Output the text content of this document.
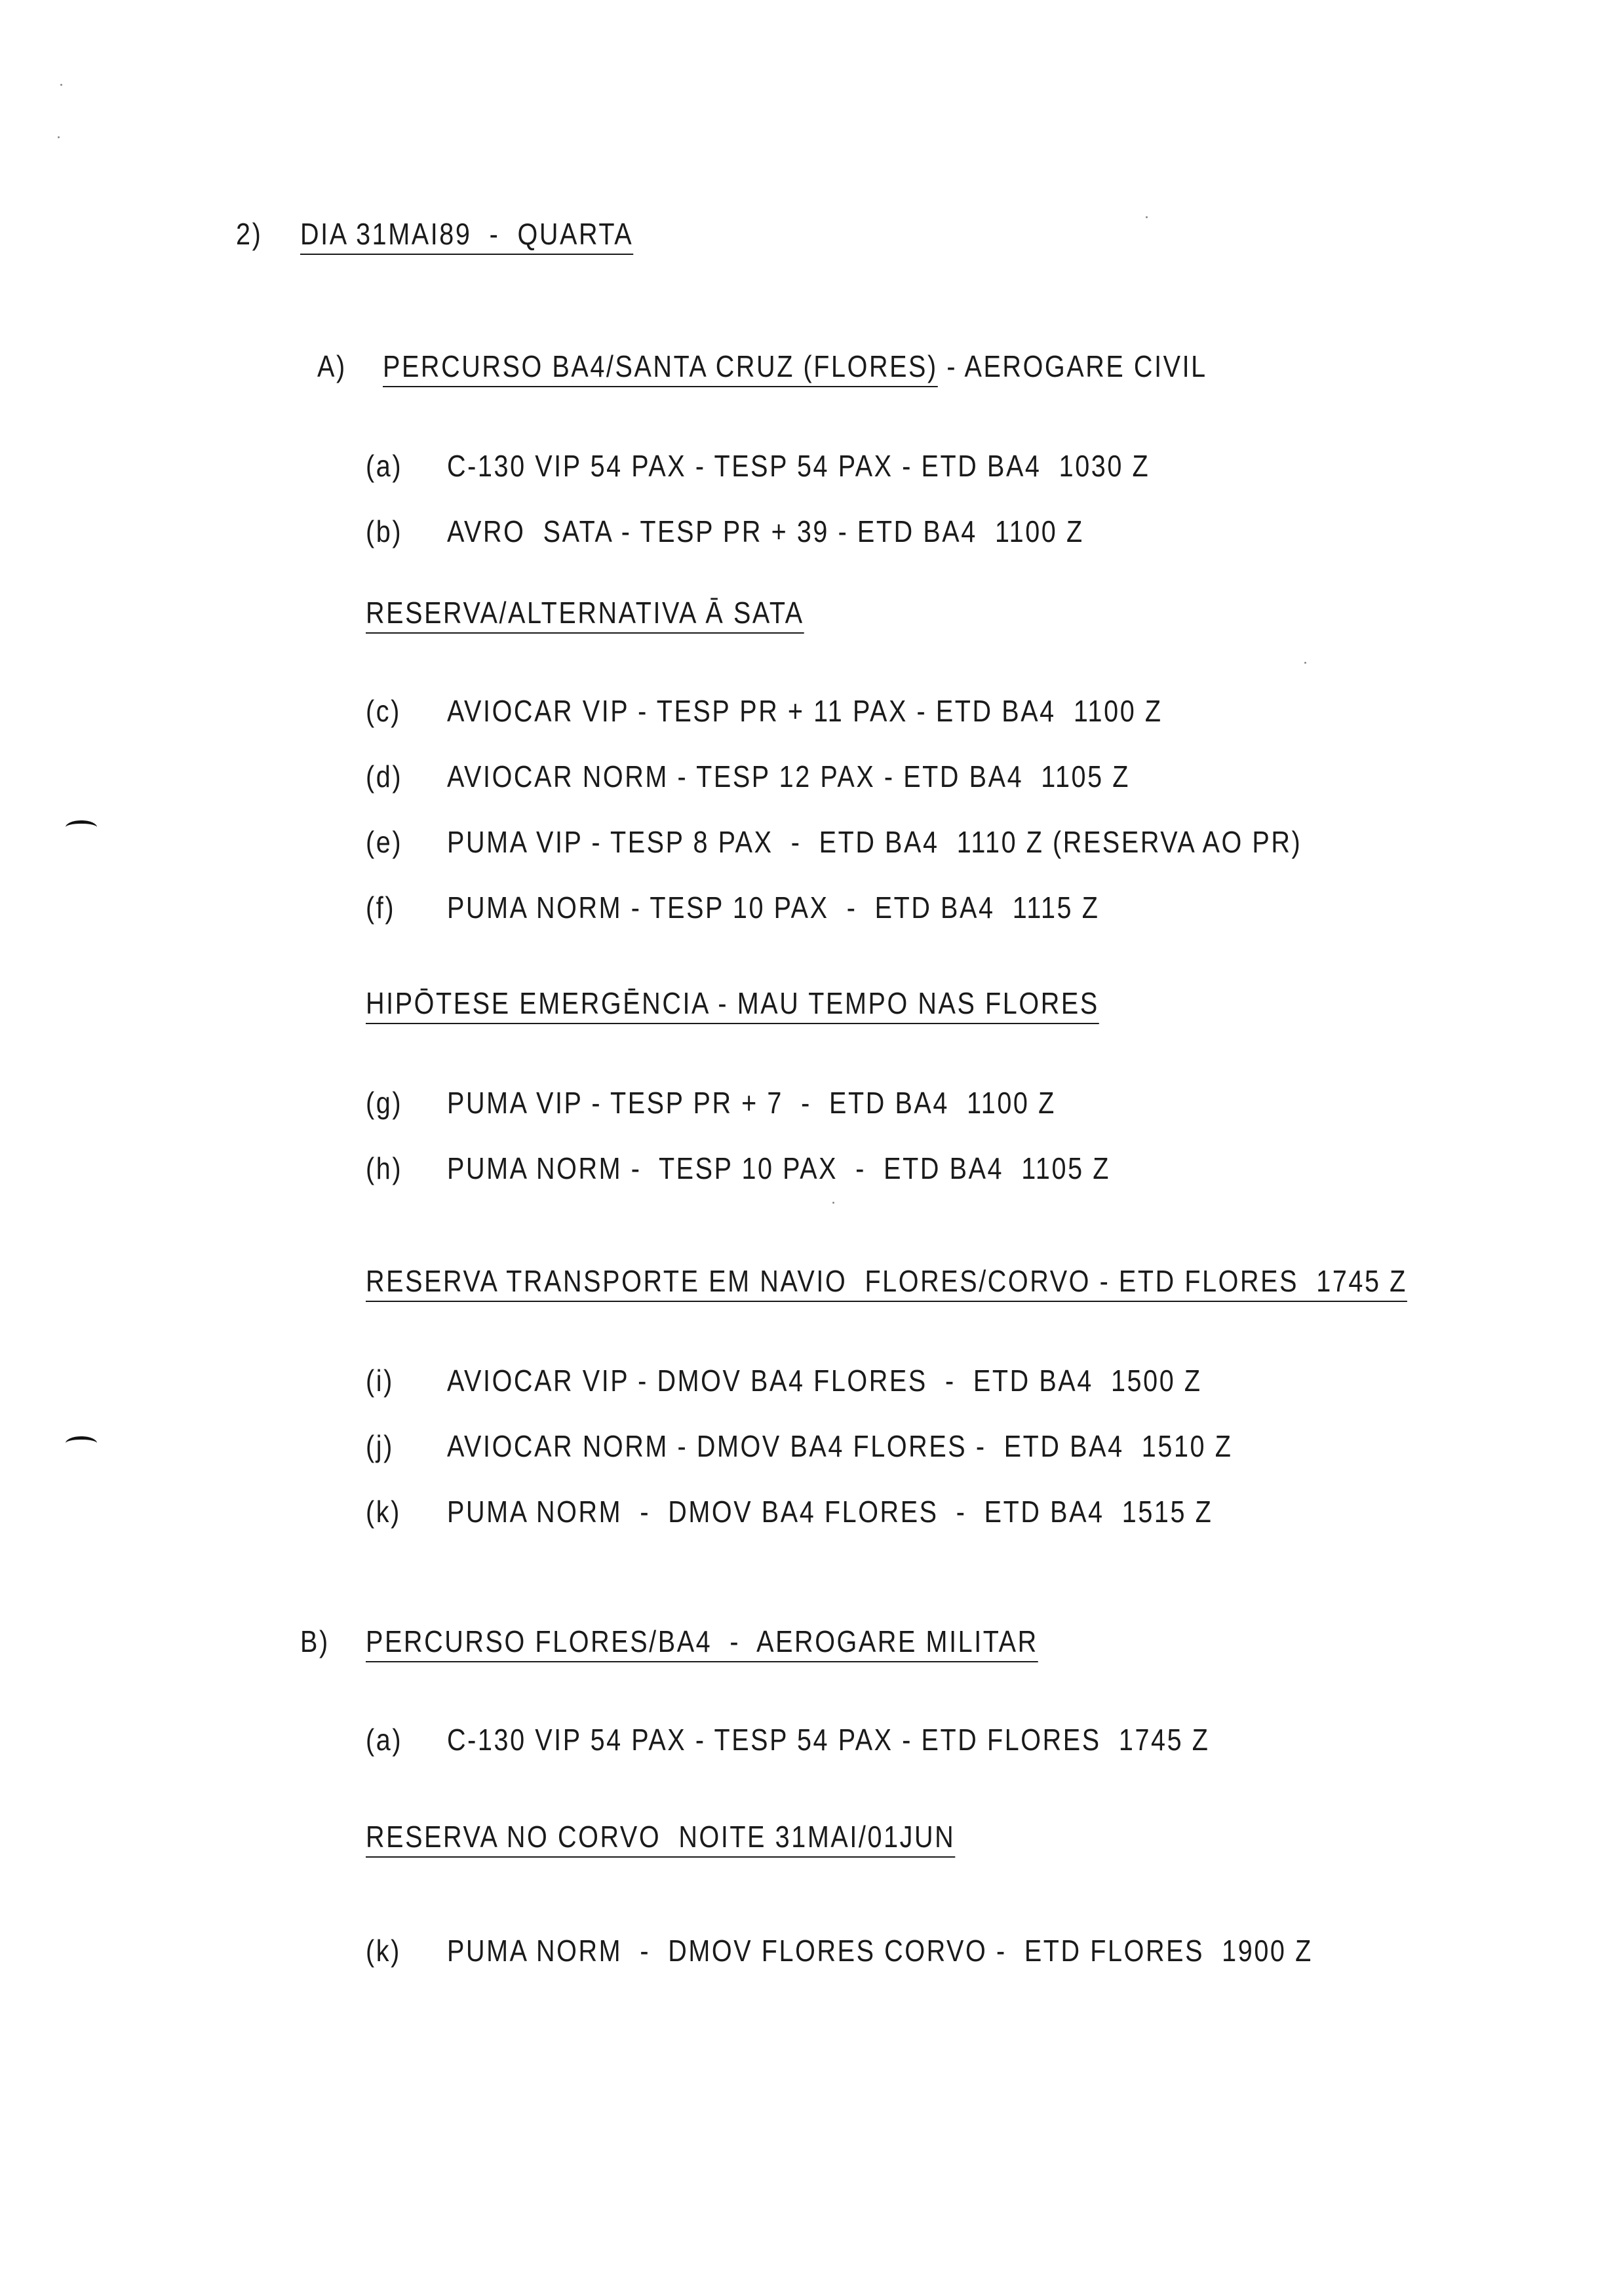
2) DIA 31MAI89  -  QUARTA
A) PERCURSO BA4/SANTA CRUZ (FLORES) - AEROGARE CIVIL
(a) C-130 VIP 54 PAX - TESP 54 PAX - ETD BA4  1030 Z
(b) AVRO  SATA - TESP PR + 39 - ETD BA4  1100 Z
RESERVA/ALTERNATIVA Ā SATA
(c) AVIOCAR VIP - TESP PR + 11 PAX - ETD BA4  1100 Z
(d) AVIOCAR NORM - TESP 12 PAX - ETD BA4  1105 Z
(e) PUMA VIP - TESP 8 PAX  -  ETD BA4  1110 Z (RESERVA AO PR)
(f) PUMA NORM - TESP 10 PAX  -  ETD BA4  1115 Z
HIPŌTESE EMERGĒNCIA - MAU TEMPO NAS FLORES
(g) PUMA VIP - TESP PR + 7  -  ETD BA4  1100 Z
(h) PUMA NORM -  TESP 10 PAX  -  ETD BA4  1105 Z
RESERVA TRANSPORTE EM NAVIO  FLORES/CORVO - ETD FLORES  1745 Z
(i) AVIOCAR VIP - DMOV BA4 FLORES  -  ETD BA4  1500 Z
(j) AVIOCAR NORM - DMOV BA4 FLORES -  ETD BA4  1510 Z
(k) PUMA NORM  -  DMOV BA4 FLORES  -  ETD BA4  1515 Z
B) PERCURSO FLORES/BA4  -  AEROGARE MILITAR
(a) C-130 VIP 54 PAX - TESP 54 PAX - ETD FLORES  1745 Z
RESERVA NO CORVO  NOITE 31MAI/01JUN
(k) PUMA NORM  -  DMOV FLORES CORVO -  ETD FLORES  1900 Z
